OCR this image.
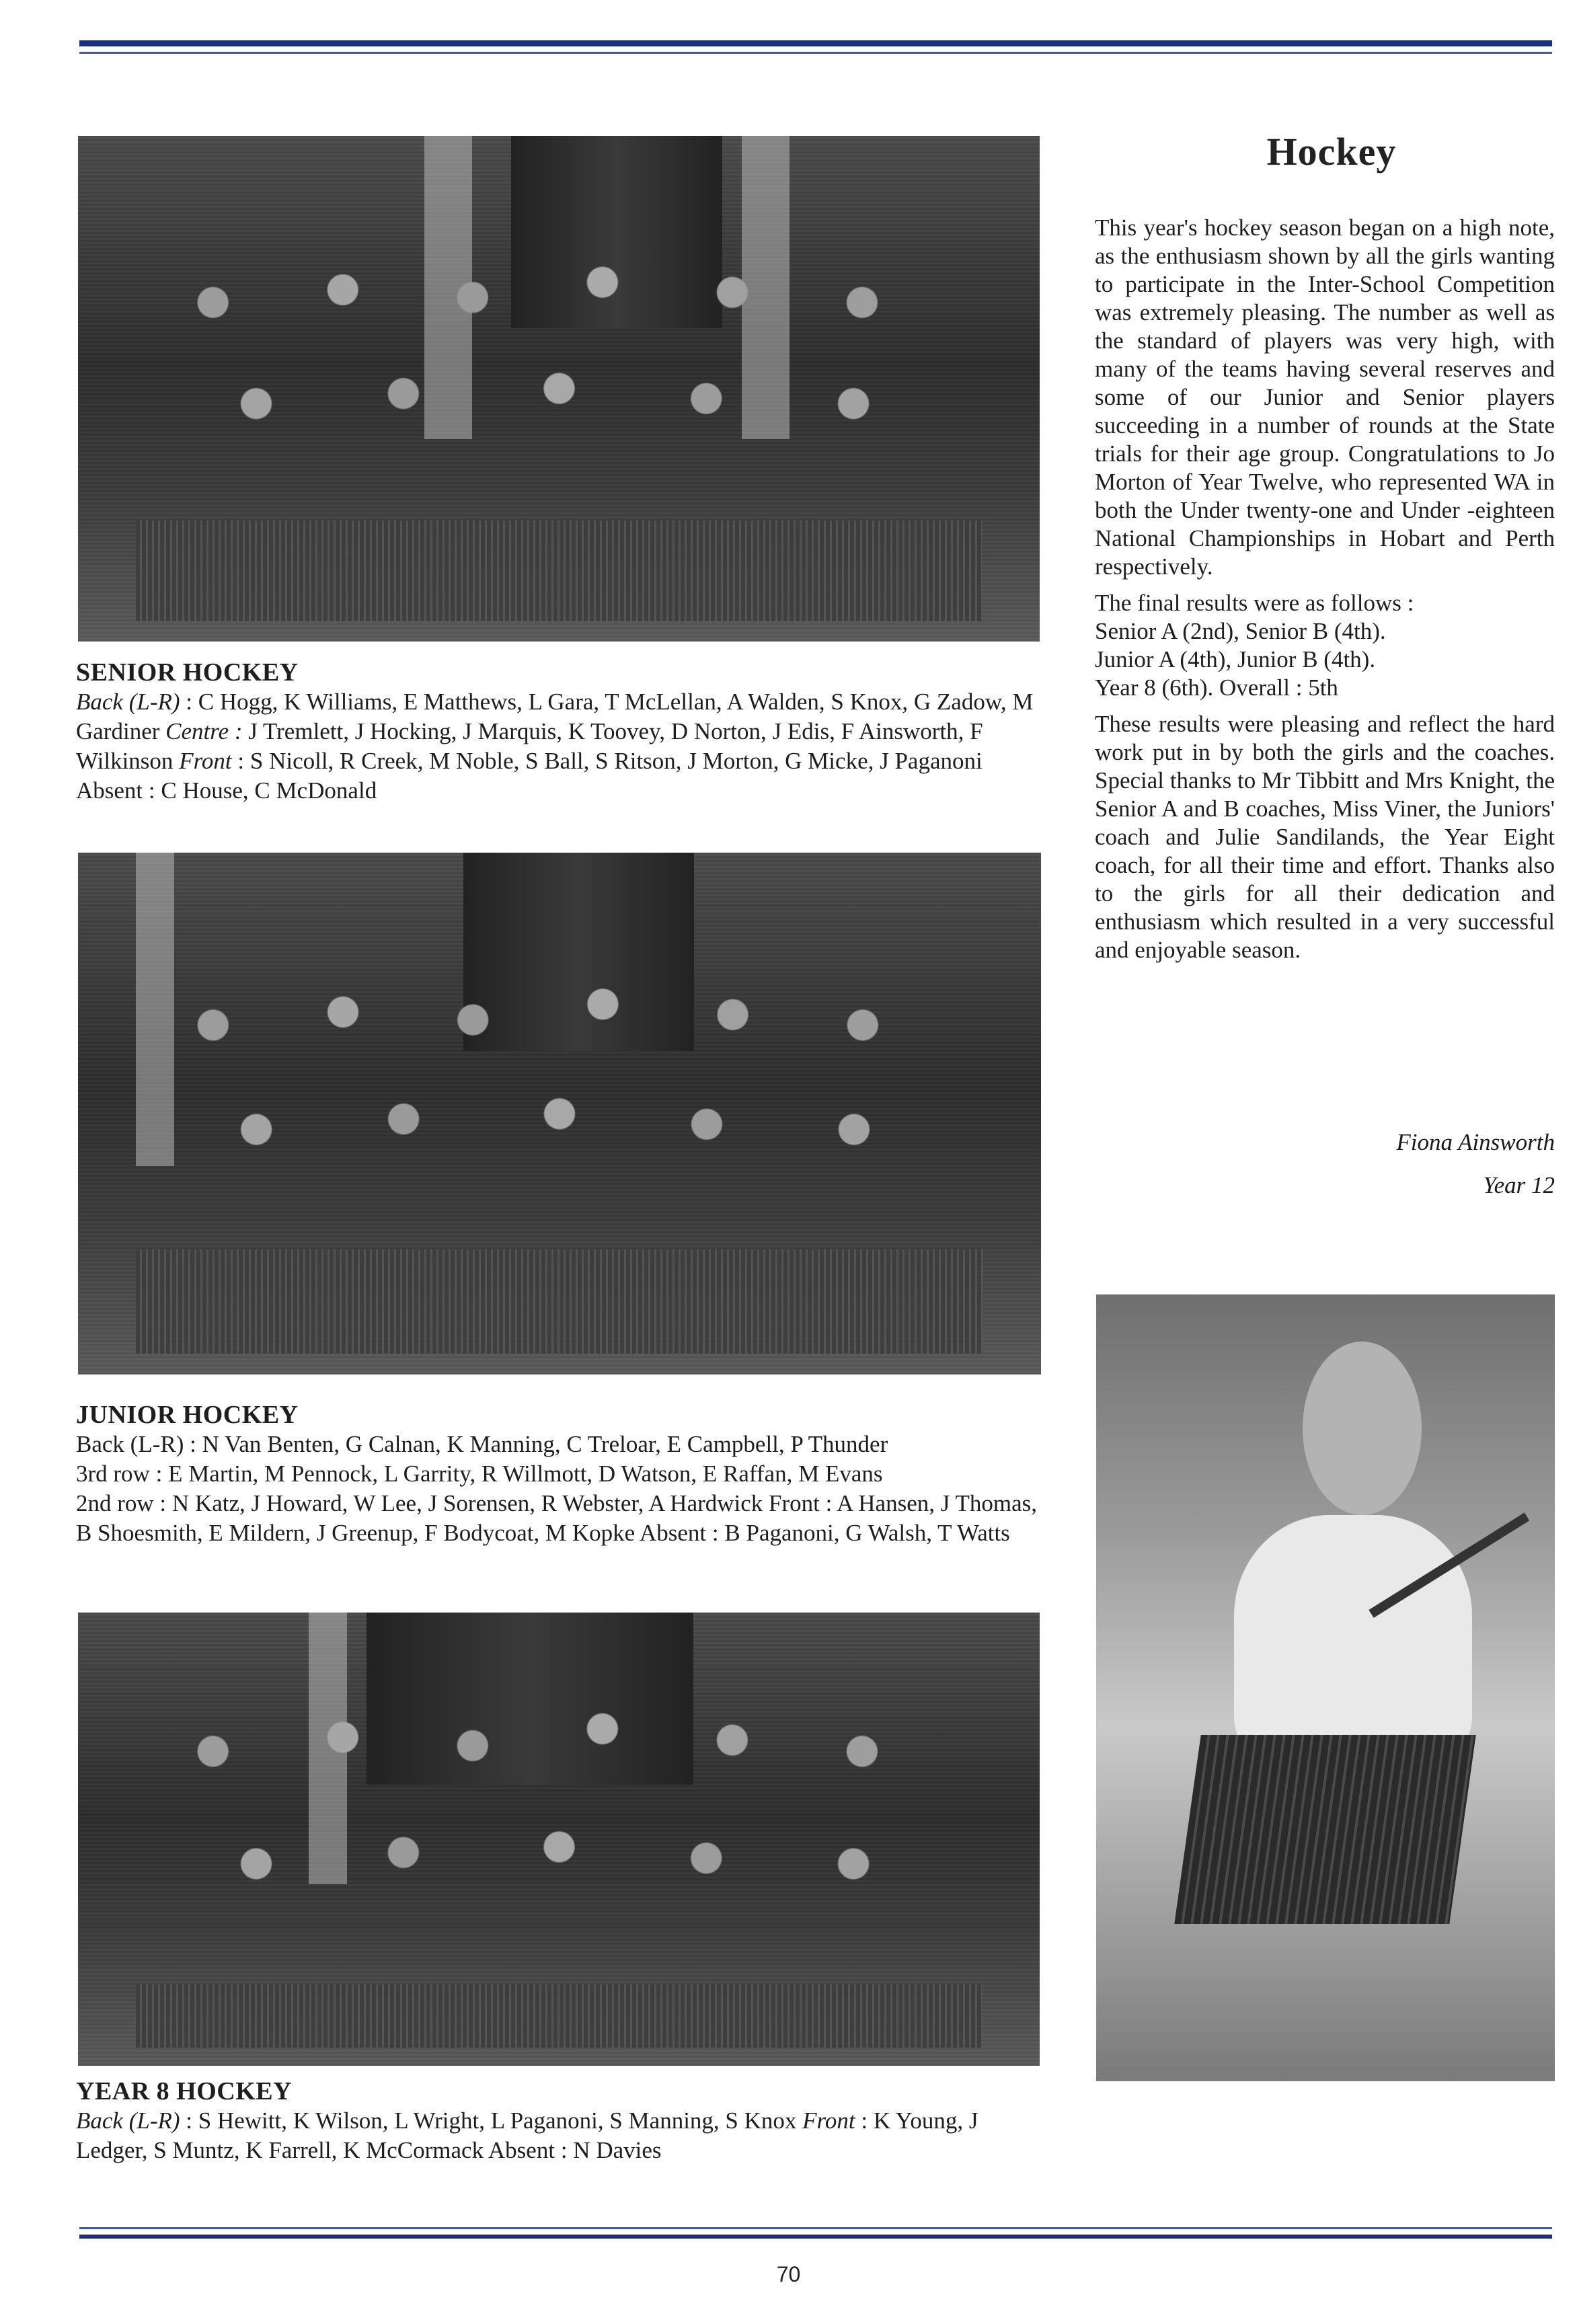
SENIOR HOCKEY
Back (L-R) : C Hogg, K Williams, E Matthews, L Gara, T McLellan, A Walden, S Knox, G Zadow, M Gardiner Centre : J Tremlett, J Hocking, J Marquis, K Toovey, D Norton, J Edis, F Ainsworth, F Wilkinson Front : S Nicoll, R Creek, M Noble, S Ball, S Ritson, J Morton, G Micke, J Paganoni Absent : C House, C McDonald
JUNIOR HOCKEY
Back (L-R) : N Van Benten, G Calnan, K Manning, C Treloar, E Campbell, P Thunder
3rd row : E Martin, M Pennock, L Garrity, R Willmott, D Watson, E Raffan, M Evans
2nd row : N Katz, J Howard, W Lee, J Sorensen, R Webster, A Hardwick Front : A Hansen, J Thomas, B Shoesmith, E Mildern, J Greenup, F Bodycoat, M Kopke Absent : B Paganoni, G Walsh, T Watts
YEAR 8 HOCKEY
Back (L-R) : S Hewitt, K Wilson, L Wright, L Paganoni, S Manning, S Knox Front : K Young, J Ledger, S Muntz, K Farrell, K McCormack Absent : N Davies
Hockey

This year's hockey season began on a high note, as the enthusiasm shown by all the girls wanting to participate in the Inter-School Competition was extremely pleasing. The number as well as the standard of players was very high, with many of the teams having several reserves and some of our Junior and Senior players succeeding in a number of rounds at the State trials for their age group. Congratulations to Jo Morton of Year Twelve, who represented WA in both the Under twenty-one and Under -eighteen National Championships in Hobart and Perth respectively.

The final results were as follows :
Senior A (2nd), Senior B (4th).
Junior A (4th), Junior B (4th).
Year 8 (6th). Overall : 5th

These results were pleasing and reflect the hard work put in by both the girls and the coaches. Special thanks to Mr Tibbitt and Mrs Knight, the Senior A and B coaches, Miss Viner, the Juniors' coach and Julie Sandilands, the Year Eight coach, for all their time and effort. Thanks also to the girls for all their dedication and enthusiasm which resulted in a very successful and enjoyable season.

Fiona Ainsworth
Year 12
70
